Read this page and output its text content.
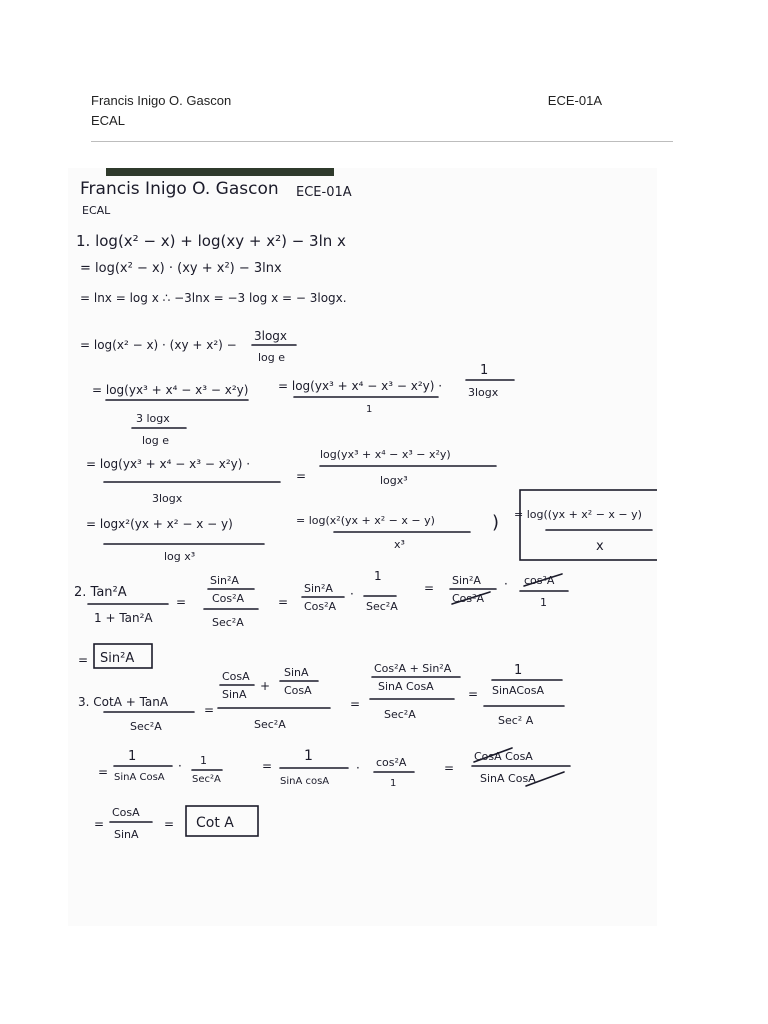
Francis Inigo O. Gascon	ECE-01A
ECAL
Francis Inigo O. Gascon ECE-01A
ECAL
1. log(x² − x) + log(xy + x²) − 3ln x
= log(x² − x) · (xy + x²) − 3lnx
= lnx = log x ∴ −3lnx = −3 log x = − 3logx.
= log(x² − x) · (xy + x²) −
3logx
log e
= log(yx³ + x⁴ − x³ − x²y)
3 logx
log e
= log(yx³ + x⁴ − x³ − x²y) ·
1
1
3logx
= log(yx³ + x⁴ − x³ − x²y) ·
3logx
=
log(yx³ + x⁴ − x³ − x²y)
logx³
= logx²(yx + x² − x − y)
log x³
= log(x²(yx + x² − x − y)
x³
) = log((yx + x² − x − y)
x
2. Tan²A
1 + Tan²A
=
Sin²A
Cos²A
Sec²A
=
Sin²A
Cos²A
·
1
Sec²A
=
Sin²A
Cos²A
· cos²A
1
= Sin²A
3. CotA + TanA
Sec²A
=
CosA
SinA
+
SinA
CosA
Sec²A
=
Cos²A + Sin²A
SinA CosA
Sec²A
=
1
SinACosA
Sec² A
=
1
SinA CosA
· 1
Sec²A
=
1
SinA cosA
· cos²A
1
=
CosA CosA
SinA CosA
=
CosA
SinA
= Cot A
